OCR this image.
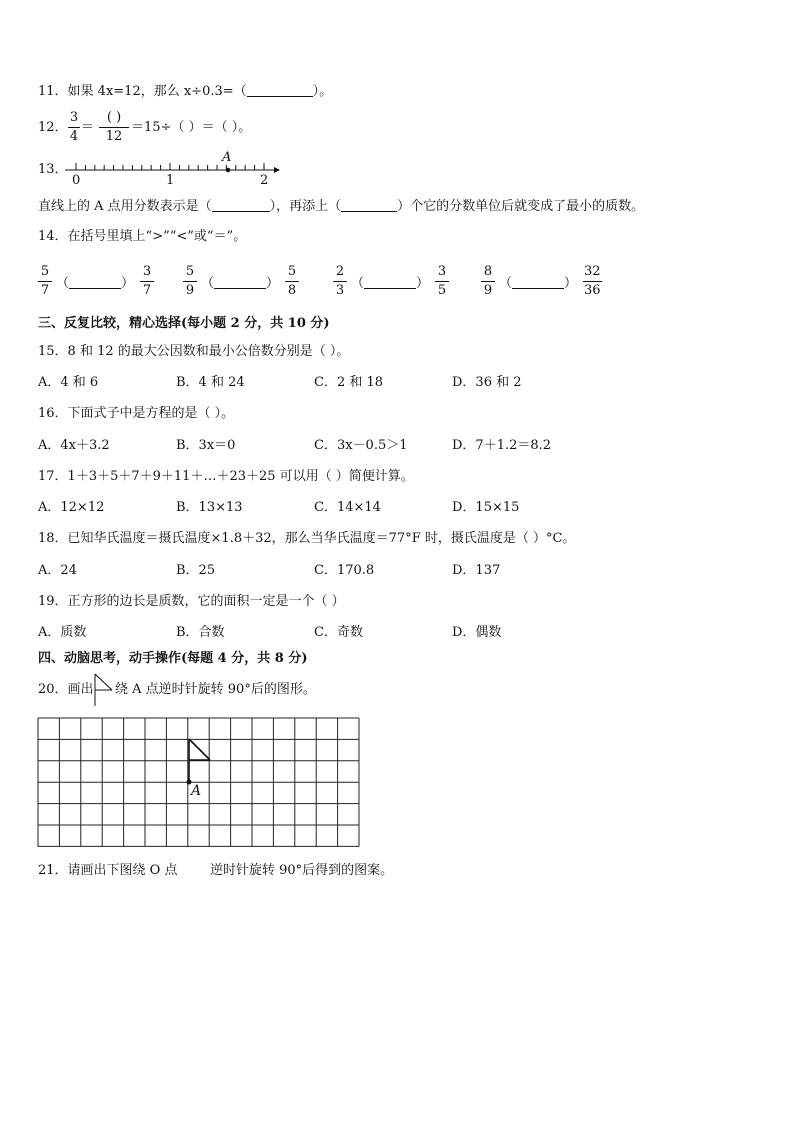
11．如果 4x=12，那么 x÷0.3=（	）。
12．
3
4
＝
( )
12
＝15÷（ ）＝（ ）。
13．
A
0	1	2
直线上的 A 点用分数表示是（	），再添上（	）个它的分数单位后就变成了最小的质数。
14．在括号里填上“>”“<”或“＝”。
5
7 （	）
3
7
5
9 （	）
5
8
2
3 （	）
3
5
8
9 （	）
32
36
三、反复比较，精心选择(每小题 2 分，共 10 分)
15．8 和 12 的最大公因数和最小公倍数分别是（ ）。
A．4 和 6	B．4 和 24	C．2 和 18	D．36 和 2
16．下面式子中是方程的是（ ）。
A．4x＋3.2	B．3x＝0	C．3x－0.5＞1	D．7＋1.2＝8.2
17．1＋3＋5＋7＋9＋11＋…＋23＋25 可以用（ ）简便计算。
A．12×12	B．13×13	C．14×14	D．15×15
18．已知华氏温度＝摄氏温度×1.8＋32，那么当华氏温度＝77°F 时，摄氏温度是（ ）°C。
A．24	B．25	C．170.8	D．137
19．正方形的边长是质数，它的面积一定是一个（ ）
A．质数	B．合数	C．奇数	D．偶数
四、动脑思考，动手操作(每题 4 分，共 8 分)
20．画出 绕 A 点逆时针旋转 90°后的图形。
A
21．请画出下图绕 O 点	逆时针旋转 90°后得到的图案。
